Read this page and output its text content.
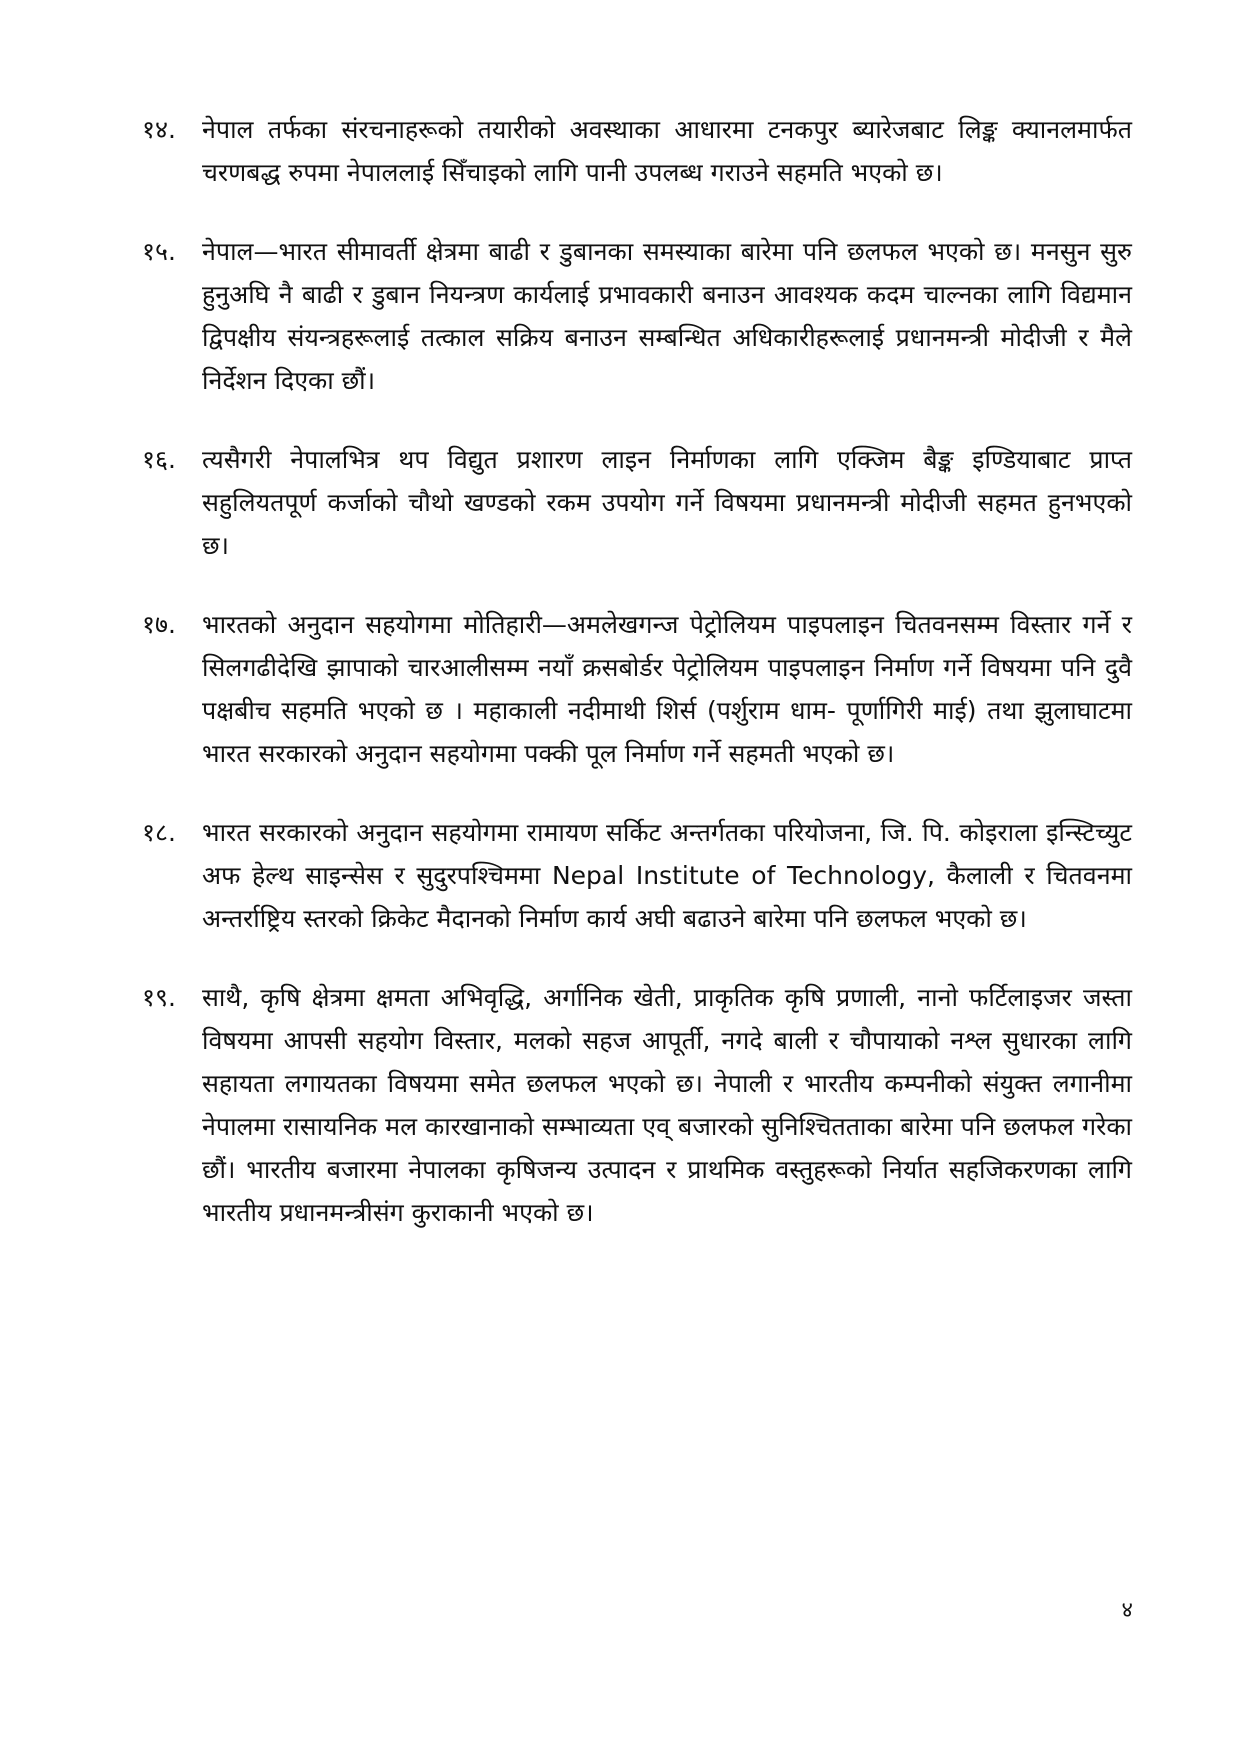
१४.	नेपाल तर्फका संरचनाहरूको तयारीको अवस्थाका आधारमा टनकपुर ब्यारेजबाट लिङ्क क्यानलमार्फत चरणबद्ध रुपमा नेपाललाई सिँचाइको लागि पानी उपलब्ध गराउने सहमति भएको छ।
१५.	नेपाल—भारत सीमावर्ती क्षेत्रमा बाढी र डुबानका समस्याका बारेमा पनि छलफल भएको छ। मनसुन सुरु हुनुअघि नै बाढी र डुबान नियन्त्रण कार्यलाई प्रभावकारी बनाउन आवश्यक कदम चाल्नका लागि विद्यमान द्विपक्षीय संयन्त्रहरूलाई तत्काल सक्रिय बनाउन सम्बन्धित अधिकारीहरूलाई प्रधानमन्त्री मोदीजी र मैले निर्देशन दिएका छौं।
१६.	त्यसैगरी नेपालभित्र थप विद्युत प्रशारण लाइन निर्माणका लागि एक्जिम बैङ्क इण्डियाबाट प्राप्त सहुलियतपूर्ण कर्जाको चौथो खण्डको रकम उपयोग गर्ने विषयमा प्रधानमन्त्री मोदीजी सहमत हुनभएको छ।
१७.	भारतको अनुदान सहयोगमा मोतिहारी—अमलेखगन्ज पेट्रोलियम पाइपलाइन चितवनसम्म विस्तार गर्ने र सिलगढीदेखि झापाको चारआलीसम्म नयाँ क्रसबोर्डर पेट्रोलियम पाइपलाइन निर्माण गर्ने विषयमा पनि दुवै पक्षबीच सहमति भएको छ । महाकाली नदीमाथी शिर्स (पर्शुराम धाम- पूर्णागिरी माई) तथा झुलाघाटमा भारत सरकारको अनुदान सहयोगमा पक्की पूल निर्माण गर्ने सहमती भएको छ।
१८.	भारत सरकारको अनुदान सहयोगमा रामायण सर्किट अन्तर्गतका परियोजना, जि. पि. कोइराला इन्स्टिच्युट अफ हेल्थ साइन्सेस र सुदुरपश्चिममा Nepal Institute of Technology, कैलाली र चितवनमा अन्तर्राष्ट्रिय स्तरको क्रिकेट मैदानको निर्माण कार्य अघी बढाउने बारेमा पनि छलफल भएको छ।
१९.	साथै, कृषि क्षेत्रमा क्षमता अभिवृद्धि, अर्गानिक खेती, प्राकृतिक कृषि प्रणाली, नानो फर्टिलाइजर जस्ता विषयमा आपसी सहयोग विस्तार, मलको सहज आपूर्ती, नगदे बाली र चौपायाको नश्ल सुधारका लागि सहायता लगायतका विषयमा समेत छलफल भएको छ। नेपाली र भारतीय कम्पनीको संयुक्त लगानीमा नेपालमा रासायनिक मल कारखानाको सम्भाव्यता एव् बजारको सुनिश्चितताका बारेमा पनि छलफल गरेका छौं। भारतीय बजारमा नेपालका कृषिजन्य उत्पादन र प्राथमिक वस्तुहरूको निर्यात सहजिकरणका लागि भारतीय प्रधानमन्त्रीसंग कुराकानी भएको छ।
४
